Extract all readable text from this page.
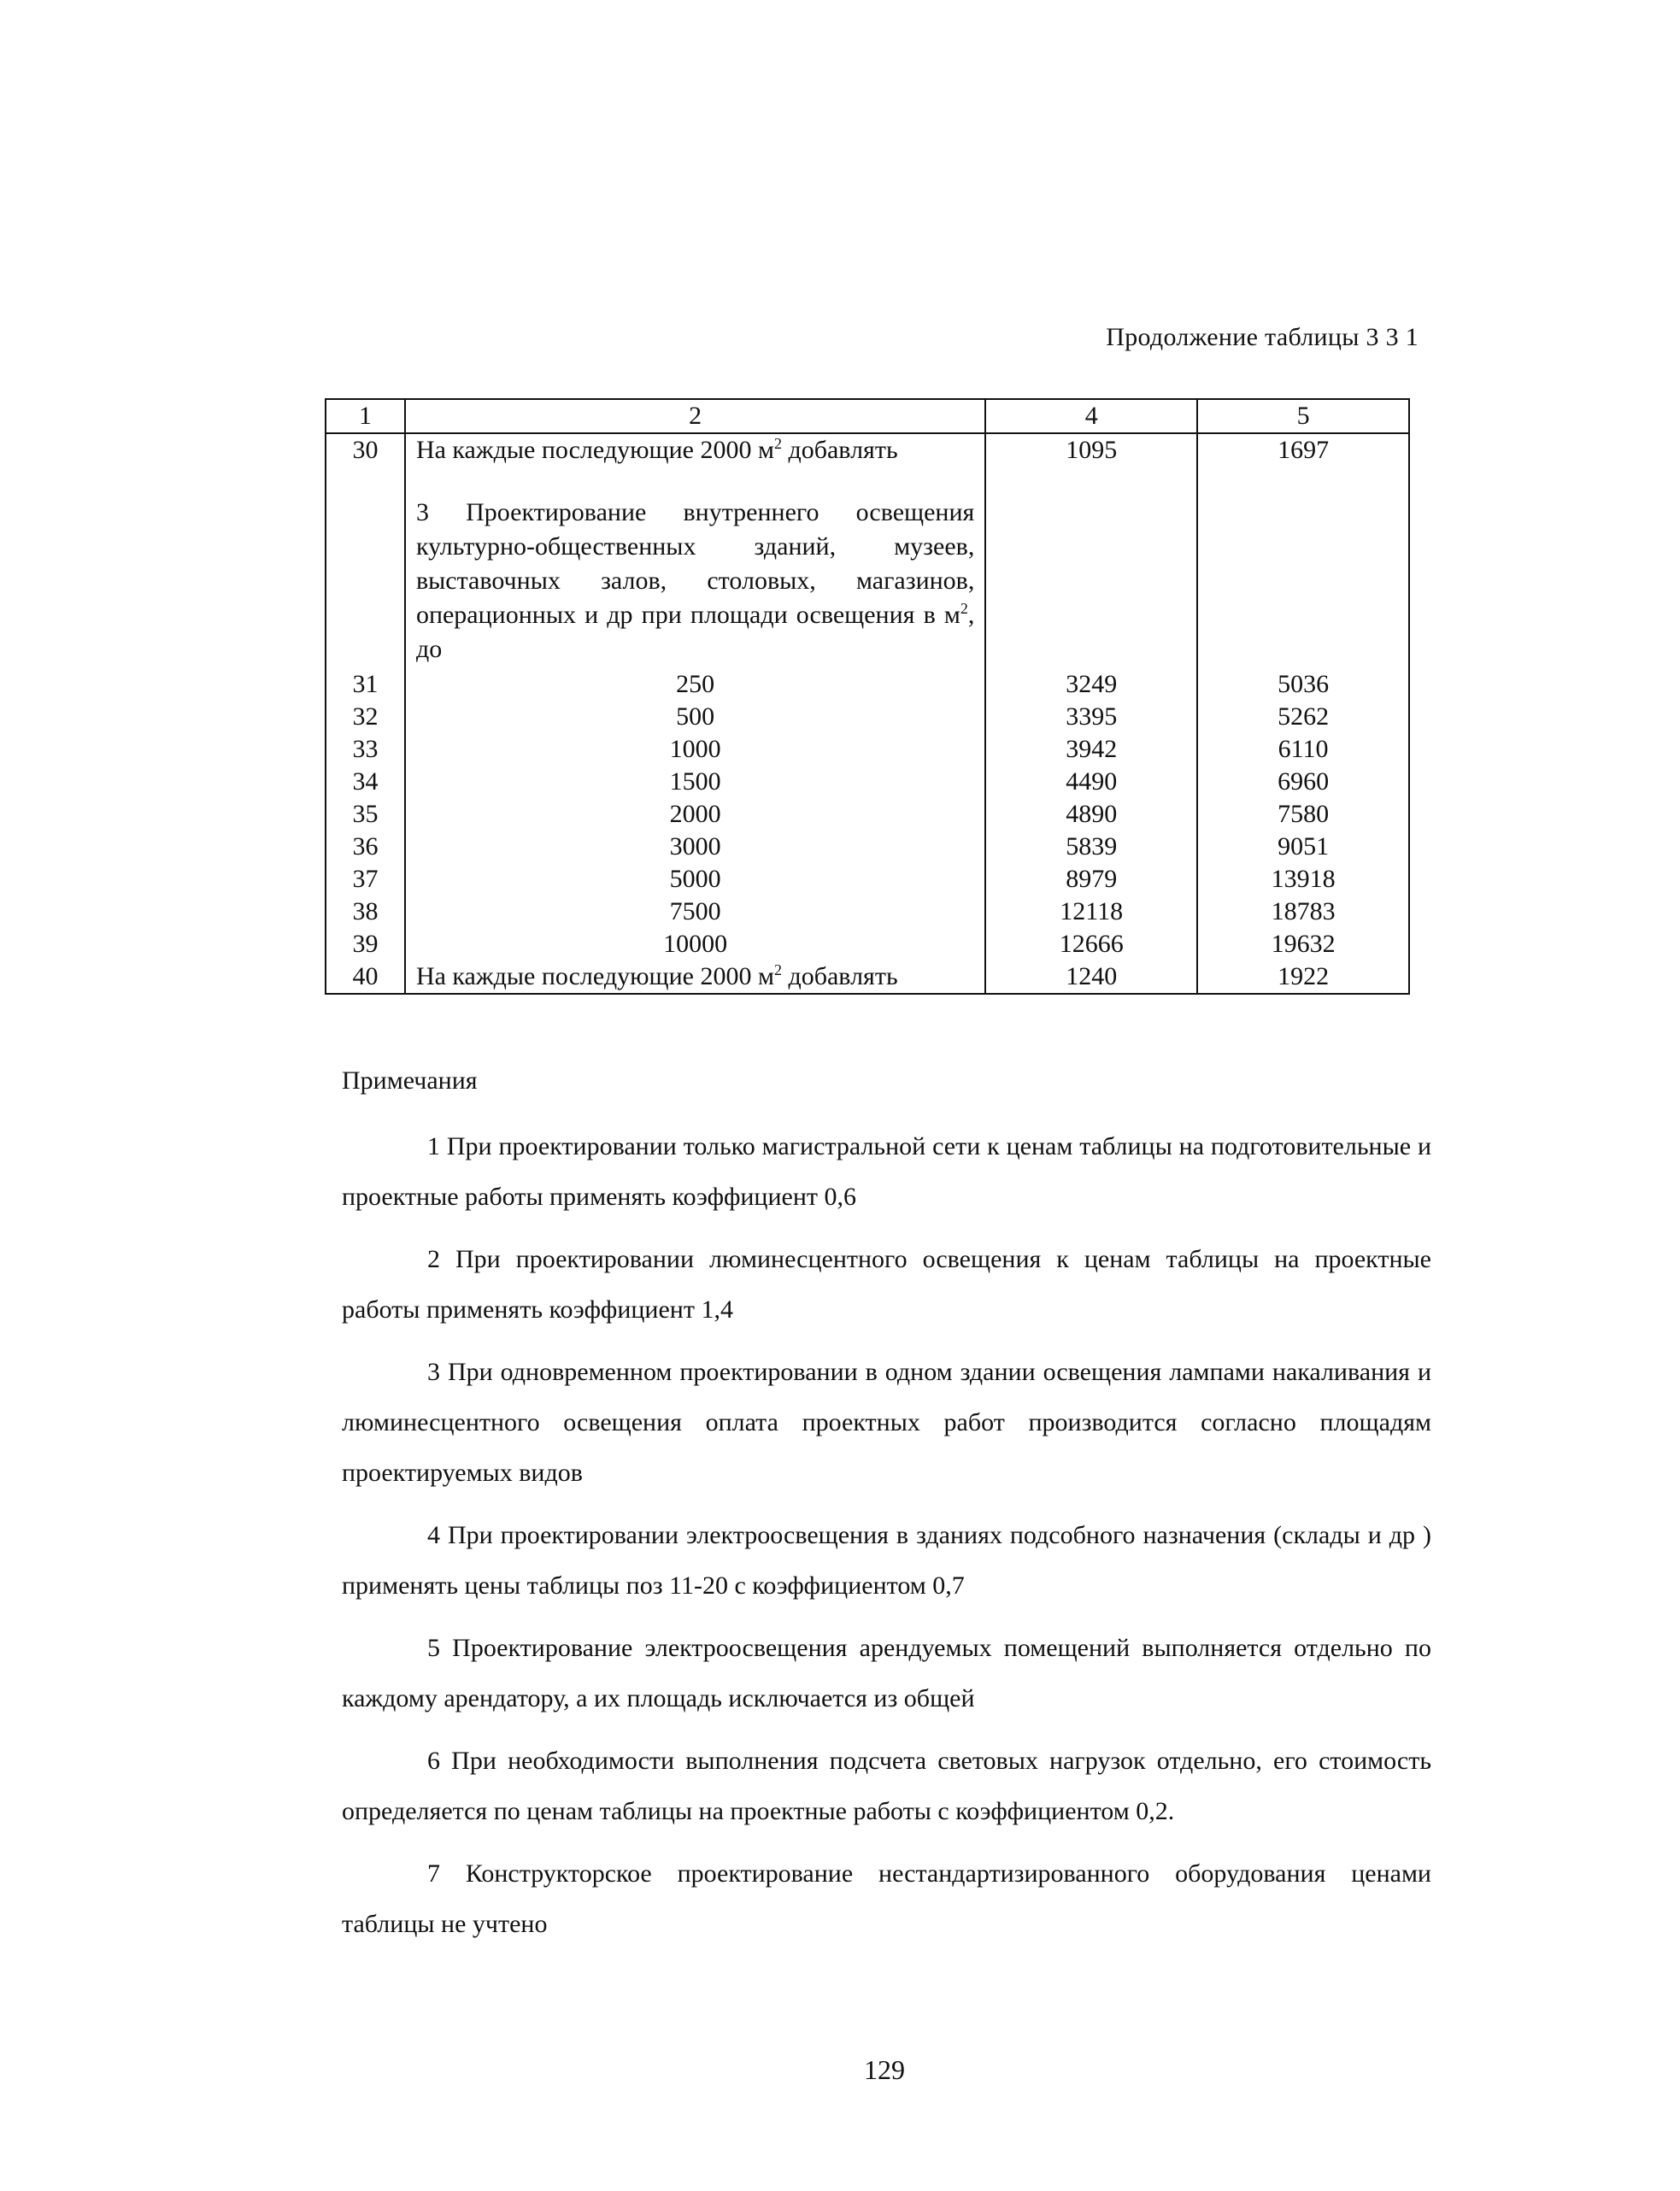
Продолжение таблицы 3 3 1
1	2	4	5
30	На каждые последующие 2000 $м^2$ добавлять	1095	1697
	3 Проектирование внутреннего освещения культурно-общественных зданий, музеев, выставочных залов, столовых, магазинов, операционных и др при площади освещения в $м^2$, до		
31	250	3249	5036
32	500	3395	5262
33	1000	3942	6110
34	1500	4490	6960
35	2000	4890	7580
36	3000	5839	9051
37	5000	8979	13918
38	7500	12118	18783
39	10000	12666	19632
40	На каждые последующие 2000 $м^2$ добавлять	1240	1922
Примечания

1 При проектировании только магистральной сети к ценам таблицы на подготовительные и проектные работы применять коэффициент 0,6

2 При проектировании люминесцентного освещения к ценам таблицы на проектные работы применять коэффициент 1,4

3 При одновременном проектировании в одном здании освещения лампами накаливания и люминесцентного освещения оплата проектных работ производится согласно площадям проектируемых видов

4 При проектировании электроосвещения в зданиях подсобного назначения (склады и др ) применять цены таблицы поз 11-20 с коэффициентом 0,7

5 Проектирование электроосвещения арендуемых помещений выполняется отдельно по каждому арендатору, а их площадь исключается из общей

6 При необходимости выполнения подсчета световых нагрузок отдельно, его стоимость определяется по ценам таблицы на проектные работы с коэффициентом 0,2.

7 Конструкторское проектирование нестандартизированного оборудования ценами таблицы не учтено

129
